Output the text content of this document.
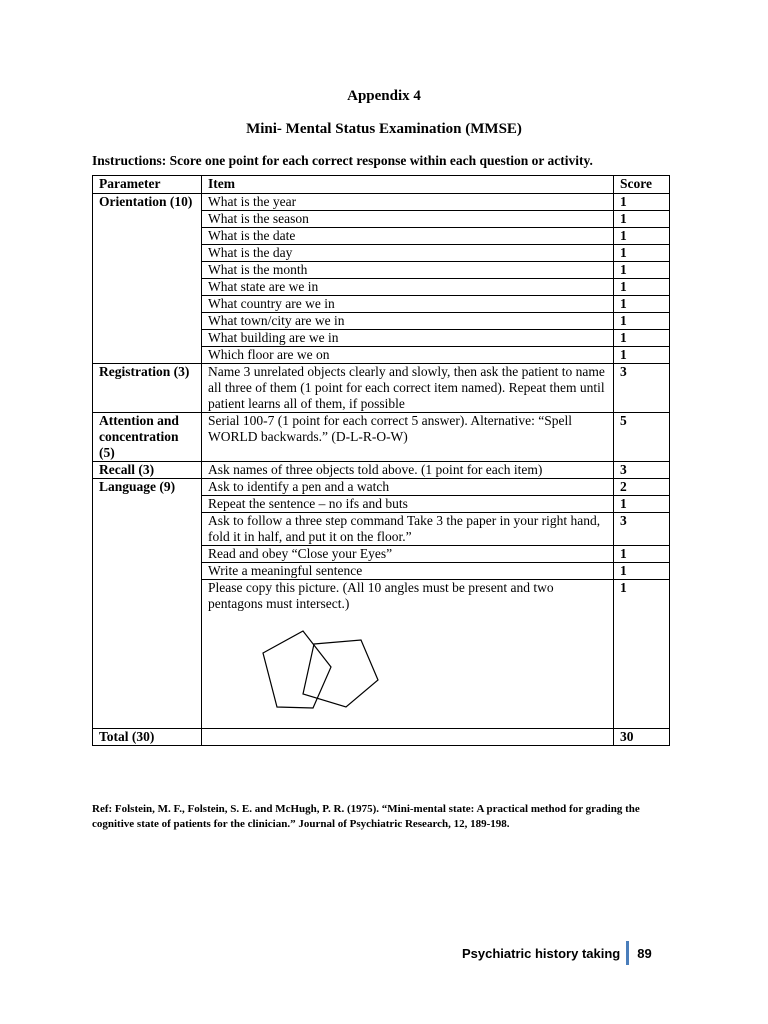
Appendix 4
Mini- Mental Status Examination (MMSE)
Instructions: Score one point for each correct response within each question or activity.
Parameter	Item	Score
Orientation (10)	What is the year	1
	What is the season	1
	What is the date	1
	What is the day	1
	What is the month	1
	What state are we in	1
	What country are we in	1
	What town/city are we in	1
	What building are we in	1
	Which floor are we on	1
Registration (3)	Name 3 unrelated objects clearly and slowly, then ask the patient to name all three of them (1 point for each correct item named). Repeat them until patient learns all of them, if possible	3
Attention and concentration (5)	Serial 100-7 (1 point for each correct 5 answer). Alternative: “Spell WORLD backwards.” (D-L-R-O-W)	5
Recall (3)	Ask names of three objects told above. (1 point for each item)	3
Language (9)	Ask to identify a pen and a watch	2
	Repeat the sentence – no ifs and buts	1
	Ask to follow a three step command Take 3 the paper in your right hand, fold it in half, and put it on the floor.”	3
	Read and obey “Close your Eyes”	1
	Write a meaningful sentence	1

	Please copy this picture. (All 10 angles must be present and two pentagons must intersect.)	1
Total (30)		30
Ref: Folstein, M. F., Folstein, S. E. and McHugh, P. R. (1975). “Mini-mental state: A practical method for grading the cognitive state of patients for the clinician.” Journal of Psychiatric Research, 12, 189-198.
Psychiatric history taking 89
